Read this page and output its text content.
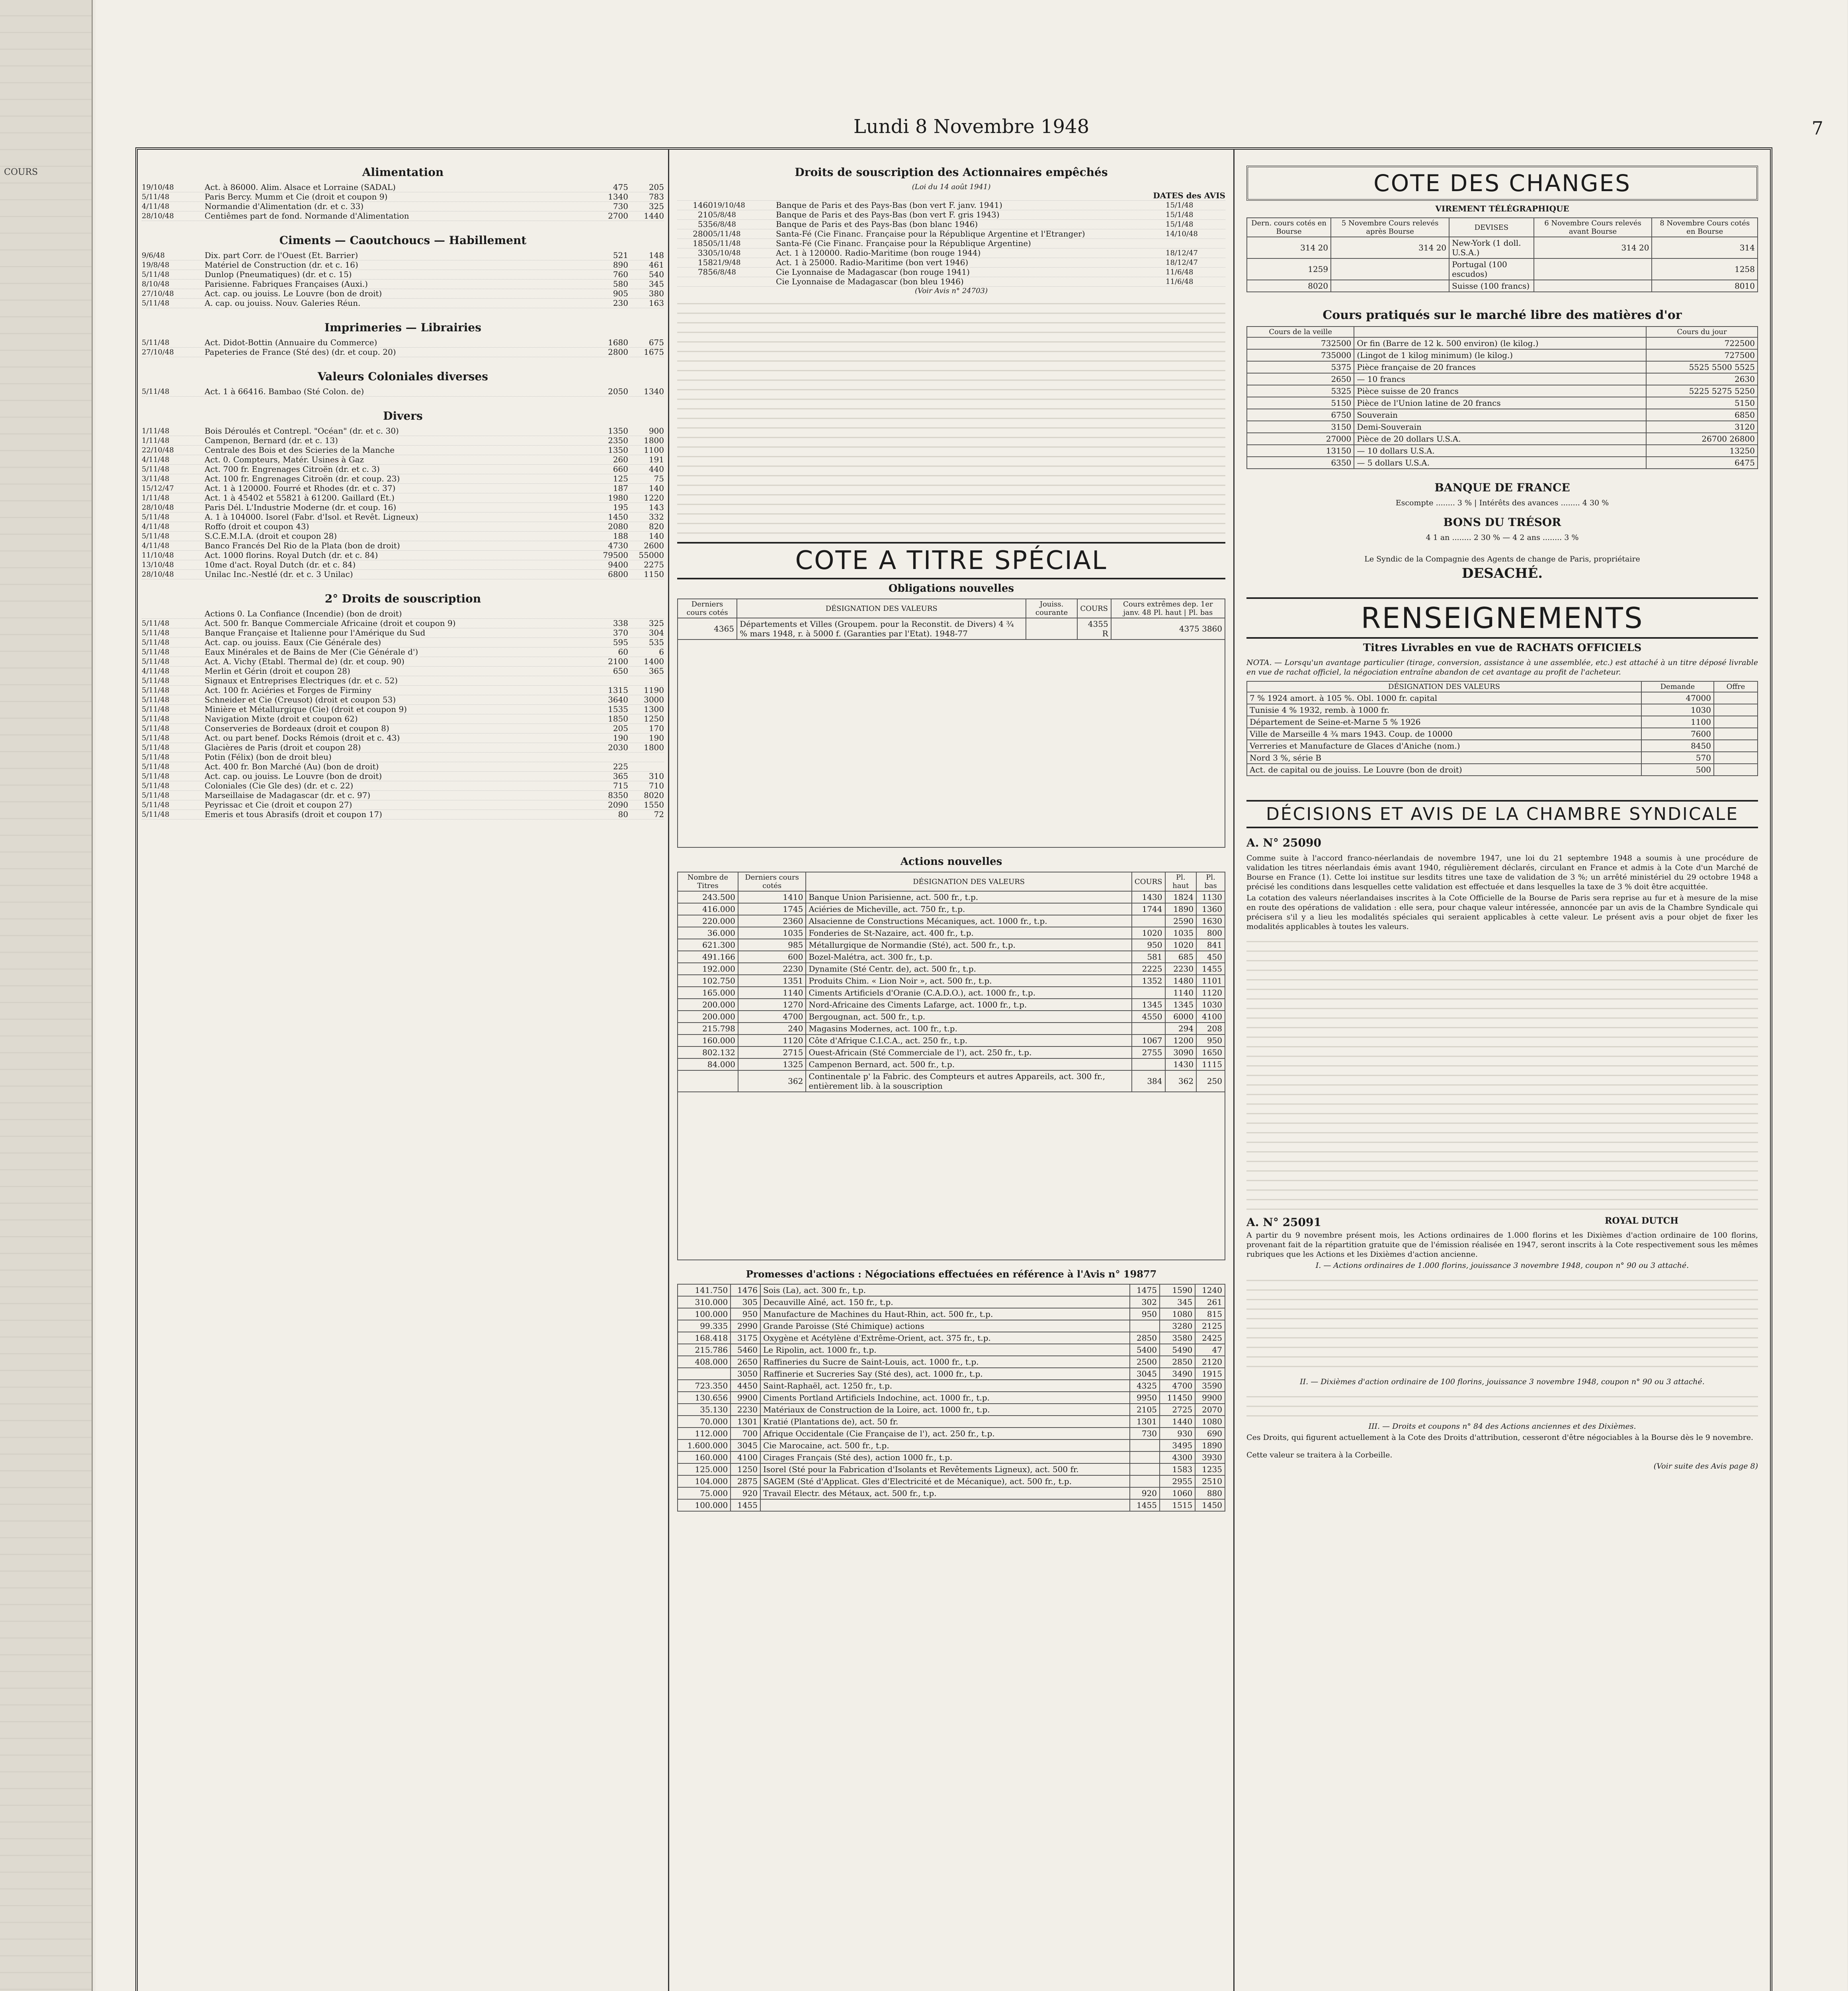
COURS
Lundi 8 Novembre 1948	7
Alimentation
19/10/48	Act. à 86000. Alim. Alsace et Lorraine (SADAL)	475	205
5/11/48	Paris Bercy. Mumm et Cie (droit et coupon 9)	1340	783
4/11/48	Normandie d'Alimentation (dr. et c. 33)	730	325
28/10/48	Centiêmes part de fond. Normande d'Alimentation	2700	1440
Ciments — Caoutchoucs — Habillement
9/6/48	Dix. part Corr. de l'Ouest (Et. Barrier)	521	148
19/8/48	Matériel de Construction (dr. et c. 16)	890	461
5/11/48	Dunlop (Pneumatiques) (dr. et c. 15)	760	540
8/10/48	Parisienne. Fabriques Françaises (Auxi.)	580	345
27/10/48	Act. cap. ou jouiss. Le Louvre (bon de droit)	905	380
5/11/48	A. cap. ou jouiss. Nouv. Galeries Réun.	230	163
Imprimeries — Librairies
5/11/48	Act. Didot-Bottin (Annuaire du Commerce)	1680	675
27/10/48	Papeteries de France (Sté des) (dr. et coup. 20)	2800	1675
Valeurs Coloniales diverses
5/11/48	Act. 1 à 66416. Bambao (Sté Colon. de)	2050	1340
Divers
1/11/48	Bois Déroulés et Contrepl. "Océan" (dr. et c. 30)	1350	900
1/11/48	Campenon, Bernard (dr. et c. 13)	2350	1800
22/10/48	Centrale des Bois et des Scieries de la Manche	1350	1100
4/11/48	Act. 0. Compteurs, Matér. Usines à Gaz	260	191
5/11/48	Act. 700 fr. Engrenages Citroën (dr. et c. 3)	660	440
3/11/48	Act. 100 fr. Engrenages Citroën (dr. et coup. 23)	125	75
15/12/47	Act. 1 à 120000. Fourré et Rhodes (dr. et c. 37)	187	140
1/11/48	Act. 1 à 45402 et 55821 à 61200. Gaillard (Et.)	1980	1220
28/10/48	Paris Dél. L'Industrie Moderne (dr. et coup. 16)	195	143
5/11/48	A. 1 à 104000. Isorel (Fabr. d'Isol. et Revêt. Ligneux)	1450	332
4/11/48	Roffo (droit et coupon 43)	2080	820
5/11/48	S.C.E.M.I.A. (droit et coupon 28)	188	140
4/11/48	Banco Francés Del Rio de la Plata (bon de droit)	4730	2600
11/10/48	Act. 1000 florins. Royal Dutch (dr. et c. 84)	79500	55000
13/10/48	10me d'act. Royal Dutch (dr. et c. 84)	9400	2275
28/10/48	Unilac Inc.-Nestlé (dr. et c. 3 Unilac)	6800	1150
2° Droits de souscription
Actions 0. La Confiance (Incendie) (bon de droit)
5/11/48	Act. 500 fr. Banque Commerciale Africaine (droit et coupon 9)	338	325
5/11/48	Banque Française et Italienne pour l'Amérique du Sud	370	304
5/11/48	Act. cap. ou jouiss. Eaux (Cie Générale des)	595	535
5/11/48	Eaux Minérales et de Bains de Mer (Cie Générale d')	60	6
5/11/48	Act. A. Vichy (Etabl. Thermal de) (dr. et coup. 90)	2100	1400
4/11/48	Merlin et Gérin (droit et coupon 28)	650	365
5/11/48	Signaux et Entreprises Electriques (dr. et c. 52)
5/11/48	Act. 100 fr. Aciéries et Forges de Firminy	1315	1190
5/11/48	Schneider et Cie (Creusot) (droit et coupon 53)	3640	3000
5/11/48	Minière et Métallurgique (Cie) (droit et coupon 9)	1535	1300
5/11/48	Navigation Mixte (droit et coupon 62)	1850	1250
5/11/48	Conserveries de Bordeaux (droit et coupon 8)	205	170
5/11/48	Act. ou part benef. Docks Rémois (droit et c. 43)	190	190
5/11/48	Glacières de Paris (droit et coupon 28)	2030	1800
5/11/48	Potin (Félix) (bon de droit bleu)
5/11/48	Act. 400 fr. Bon Marché (Au) (bon de droit)	225
5/11/48	Act. cap. ou jouiss. Le Louvre (bon de droit)	365	310
5/11/48	Coloniales (Cie Gle des) (dr. et c. 22)	715	710
5/11/48	Marseillaise de Madagascar (dr. et c. 97)	8350	8020
5/11/48	Peyrissac et Cie (droit et coupon 27)	2090	1550
5/11/48	Emeris et tous Abrasifs (droit et coupon 17)	80	72
Droits de souscription des Actionnaires empêchés
(Loi du 14 août 1941)
DATES des AVIS
1460 19/10/48	Banque de Paris et des Pays-Bas (bon vert F. janv. 1941)	15/1/48
210 5/8/48	Banque de Paris et des Pays-Bas (bon vert F. gris 1943)	15/1/48
535 6/8/48	Banque de Paris et des Pays-Bas (bon blanc 1946)	15/1/48
2800 5/11/48	Santa-Fé (Cie Financ. Française pour la République Argentine et l'Etranger)	14/10/48
1850 5/11/48	Santa-Fé (Cie Financ. Française pour la République Argentine)
330 5/10/48	Act. 1 à 120000. Radio-Maritime (bon rouge 1944)	18/12/47
158 21/9/48	Act. 1 à 25000. Radio-Maritime (bon vert 1946)	18/12/47
785 6/8/48	Cie Lyonnaise de Madagascar (bon rouge 1941)	11/6/48
Cie Lyonnaise de Madagascar (bon bleu 1946)	11/6/48
(Voir Avis n° 24703)
COTE A TITRE SPÉCIAL
Obligations nouvelles
Derniers cours cotés	DÉSIGNATION DES VALEURS	Jouiss. courante	COURS	Cours extrêmes dep. 1er janv. 48 Pl. haut | Pl. bas
4365	Départements et Villes (Groupem. pour la Reconstit. de Divers) 4 ¾ % mars 1948, r. à 5000 f. (Garanties par l'Etat). 1948-77		4355 R	4375 3860
Actions nouvelles
Nombre de Titres	Derniers cours cotés	DÉSIGNATION DES VALEURS	COURS	Pl. haut	Pl. bas
243.500	1410	Banque Union Parisienne, act. 500 fr., t.p.	1430	1824	1130
416.000	1745	Aciéries de Micheville, act. 750 fr., t.p.	1744	1890	1360
220.000	2360	Alsacienne de Constructions Mécaniques, act. 1000 fr., t.p.		2590	1630
36.000	1035	Fonderies de St-Nazaire, act. 400 fr., t.p.	1020	1035	800
621.300	985	Métallurgique de Normandie (Sté), act. 500 fr., t.p.	950	1020	841
491.166	600	Bozel-Malétra, act. 300 fr., t.p.	581	685	450
192.000	2230	Dynamite (Sté Centr. de), act. 500 fr., t.p.	2225	2230	1455
102.750	1351	Produits Chim. « Lion Noir », act. 500 fr., t.p.	1352	1480	1101
165.000	1140	Ciments Artificiels d'Oranie (C.A.D.O.), act. 1000 fr., t.p.		1140	1120
200.000	1270	Nord-Africaine des Ciments Lafarge, act. 1000 fr., t.p.	1345	1345	1030
200.000	4700	Bergougnan, act. 500 fr., t.p.	4550	6000	4100
215.798	240	Magasins Modernes, act. 100 fr., t.p.		294	208
160.000	1120	Côte d'Afrique C.I.C.A., act. 250 fr., t.p.	1067	1200	950
802.132	2715	Ouest-Africain (Sté Commerciale de l'), act. 250 fr., t.p.	2755	3090	1650
84.000	1325	Campenon Bernard, act. 500 fr., t.p.		1430	1115
	362	Continentale p' la Fabric. des Compteurs et autres Appareils, act. 300 fr., entièrement lib. à la souscription	384	362	250
Promesses d'actions : Négociations effectuées en référence à l'Avis n° 19877
141.750	1476	Sois (La), act. 300 fr., t.p.	1475	1590	1240
310.000	305	Decauville Aîné, act. 150 fr., t.p.	302	345	261
100.000	950	Manufacture de Machines du Haut-Rhin, act. 500 fr., t.p.	950	1080	815
99.335	2990	Grande Paroisse (Sté Chimique) actions		3280	2125
168.418	3175	Oxygène et Acétylène d'Extrême-Orient, act. 375 fr., t.p.	2850	3580	2425
215.786	5460	Le Ripolin, act. 1000 fr., t.p.	5400	5490	47
408.000	2650	Raffineries du Sucre de Saint-Louis, act. 1000 fr., t.p.	2500	2850	2120
	3050	Raffinerie et Sucreries Say (Sté des), act. 1000 fr., t.p.	3045	3490	1915
723.350	4450	Saint-Raphaël, act. 1250 fr., t.p.	4325	4700	3590
130.656	9900	Ciments Portland Artificiels Indochine, act. 1000 fr., t.p.	9950	11450	9900
35.130	2230	Matériaux de Construction de la Loire, act. 1000 fr., t.p.	2105	2725	2070
70.000	1301	Kratié (Plantations de), act. 50 fr.	1301	1440	1080
112.000	700	Afrique Occidentale (Cie Française de l'), act. 250 fr., t.p.	730	930	690
1.600.000	3045	Cie Marocaine, act. 500 fr., t.p.		3495	1890
160.000	4100	Cirages Français (Sté des), action 1000 fr., t.p.		4300	3930
125.000	1250	Isorel (Sté pour la Fabrication d'Isolants et Revêtements Ligneux), act. 500 fr.		1583	1235
104.000	2875	SAGEM (Sté d'Applicat. Gles d'Electricité et de Mécanique), act. 500 fr., t.p.		2955	2510
75.000	920	Travail Electr. des Métaux, act. 500 fr., t.p.	920	1060	880
100.000	1455		1455	1515	1450
COTE DES CHANGES
VIREMENT TÉLÉGRAPHIQUE
Dern. cours cotés en Bourse	5 Novembre Cours relevés après Bourse	DEVISES	6 Novembre Cours relevés avant Bourse	8 Novembre Cours cotés en Bourse
314 20	314 20	New-York (1 doll. U.S.A.)	314 20	314
1259		Portugal (100 escudos)		1258
8020		Suisse (100 francs)		8010
Cours pratiqués sur le marché libre des matières d'or
Cours de la veille		Cours du jour
732500	Or fin (Barre de 12 k. 500 environ) (le kilog.)	722500
735000	(Lingot de 1 kilog minimum) (le kilog.)	727500
5375	Pièce française de 20 frances	5525 5500 5525
2650	— 10 francs	2630
5325	Pièce suisse de 20 francs	5225 5275 5250
5150	Pièce de l'Union latine de 20 francs	5150
6750	Souverain	6850
3150	Demi-Souverain	3120
27000	Pièce de 20 dollars U.S.A.	26700 26800
13150	— 10 dollars U.S.A.	13250
6350	— 5 dollars U.S.A.	6475
BANQUE DE FRANCE
Escompte ........ 3 % | Intérêts des avances ........ 4 30 %
BONS DU TRÉSOR
4 1 an ........ 2 30 % — 4 2 ans ........ 3 %
Le Syndic de la Compagnie des Agents de change de Paris, propriétaire
DESACHÉ.
RENSEIGNEMENTS
Titres Livrables en vue de RACHATS OFFICIELS
NOTA. — Lorsqu'un avantage particulier (tirage, conversion, assistance à une assemblée, etc.) est attaché à un titre déposé livrable en vue de rachat officiel, la négociation entraîne abandon de cet avantage au profit de l'acheteur.
DÉSIGNATION DES VALEURS	Demande	Offre
7 % 1924 amort. à 105 %. Obl. 1000 fr. capital	47000	
Tunisie 4 % 1932, remb. à 1000 fr.	1030	
Département de Seine-et-Marne 5 % 1926	1100	
Ville de Marseille 4 ¾ mars 1943. Coup. de 10000	7600	
Verreries et Manufacture de Glaces d'Aniche (nom.)	8450	
Nord 3 %, série B	570	
Act. de capital ou de jouiss. Le Louvre (bon de droit)	500	
DÉCISIONS ET AVIS DE LA CHAMBRE SYNDICALE
A. N° 25090
Comme suite à l'accord franco-néerlandais de novembre 1947, une loi du 21 septembre 1948 a soumis à une procédure de validation les titres néerlandais émis avant 1940, régulièrement déclarés, circulant en France et admis à la Cote d'un Marché de Bourse en France (1). Cette loi institue sur lesdits titres une taxe de validation de 3 %; un arrêté ministériel du 29 octobre 1948 a précisé les conditions dans lesquelles cette validation est effectuée et dans lesquelles la taxe de 3 % doit être acquittée.
La cotation des valeurs néerlandaises inscrites à la Cote Officielle de la Bourse de Paris sera reprise au fur et à mesure de la mise en route des opérations de validation : elle sera, pour chaque valeur intéressée, annoncée par un avis de la Chambre Syndicale qui précisera s'il y a lieu les modalités spéciales qui seraient applicables à cette valeur. Le présent avis a pour objet de fixer les modalités applicables à toutes les valeurs.
A. N° 25091	ROYAL DUTCH
A partir du 9 novembre présent mois, les Actions ordinaires de 1.000 florins et les Dixièmes d'action ordinaire de 100 florins, provenant fait de la répartition gratuite que de l'émission réalisée en 1947, seront inscrits à la Cote respectivement sous les mêmes rubriques que les Actions et les Dixièmes d'action ancienne.
I. — Actions ordinaires de 1.000 florins, jouissance 3 novembre 1948, coupon n° 90 ou 3 attaché.
II. — Dixièmes d'action ordinaire de 100 florins, jouissance 3 novembre 1948, coupon n° 90 ou 3 attaché.
III. — Droits et coupons n° 84 des Actions anciennes et des Dixièmes.
Ces Droits, qui figurent actuellement à la Cote des Droits d'attribution, cesseront d'être négociables à la Bourse dès le 9 novembre.
Cette valeur se traitera à la Corbeille.
(Voir suite des Avis page 8)
